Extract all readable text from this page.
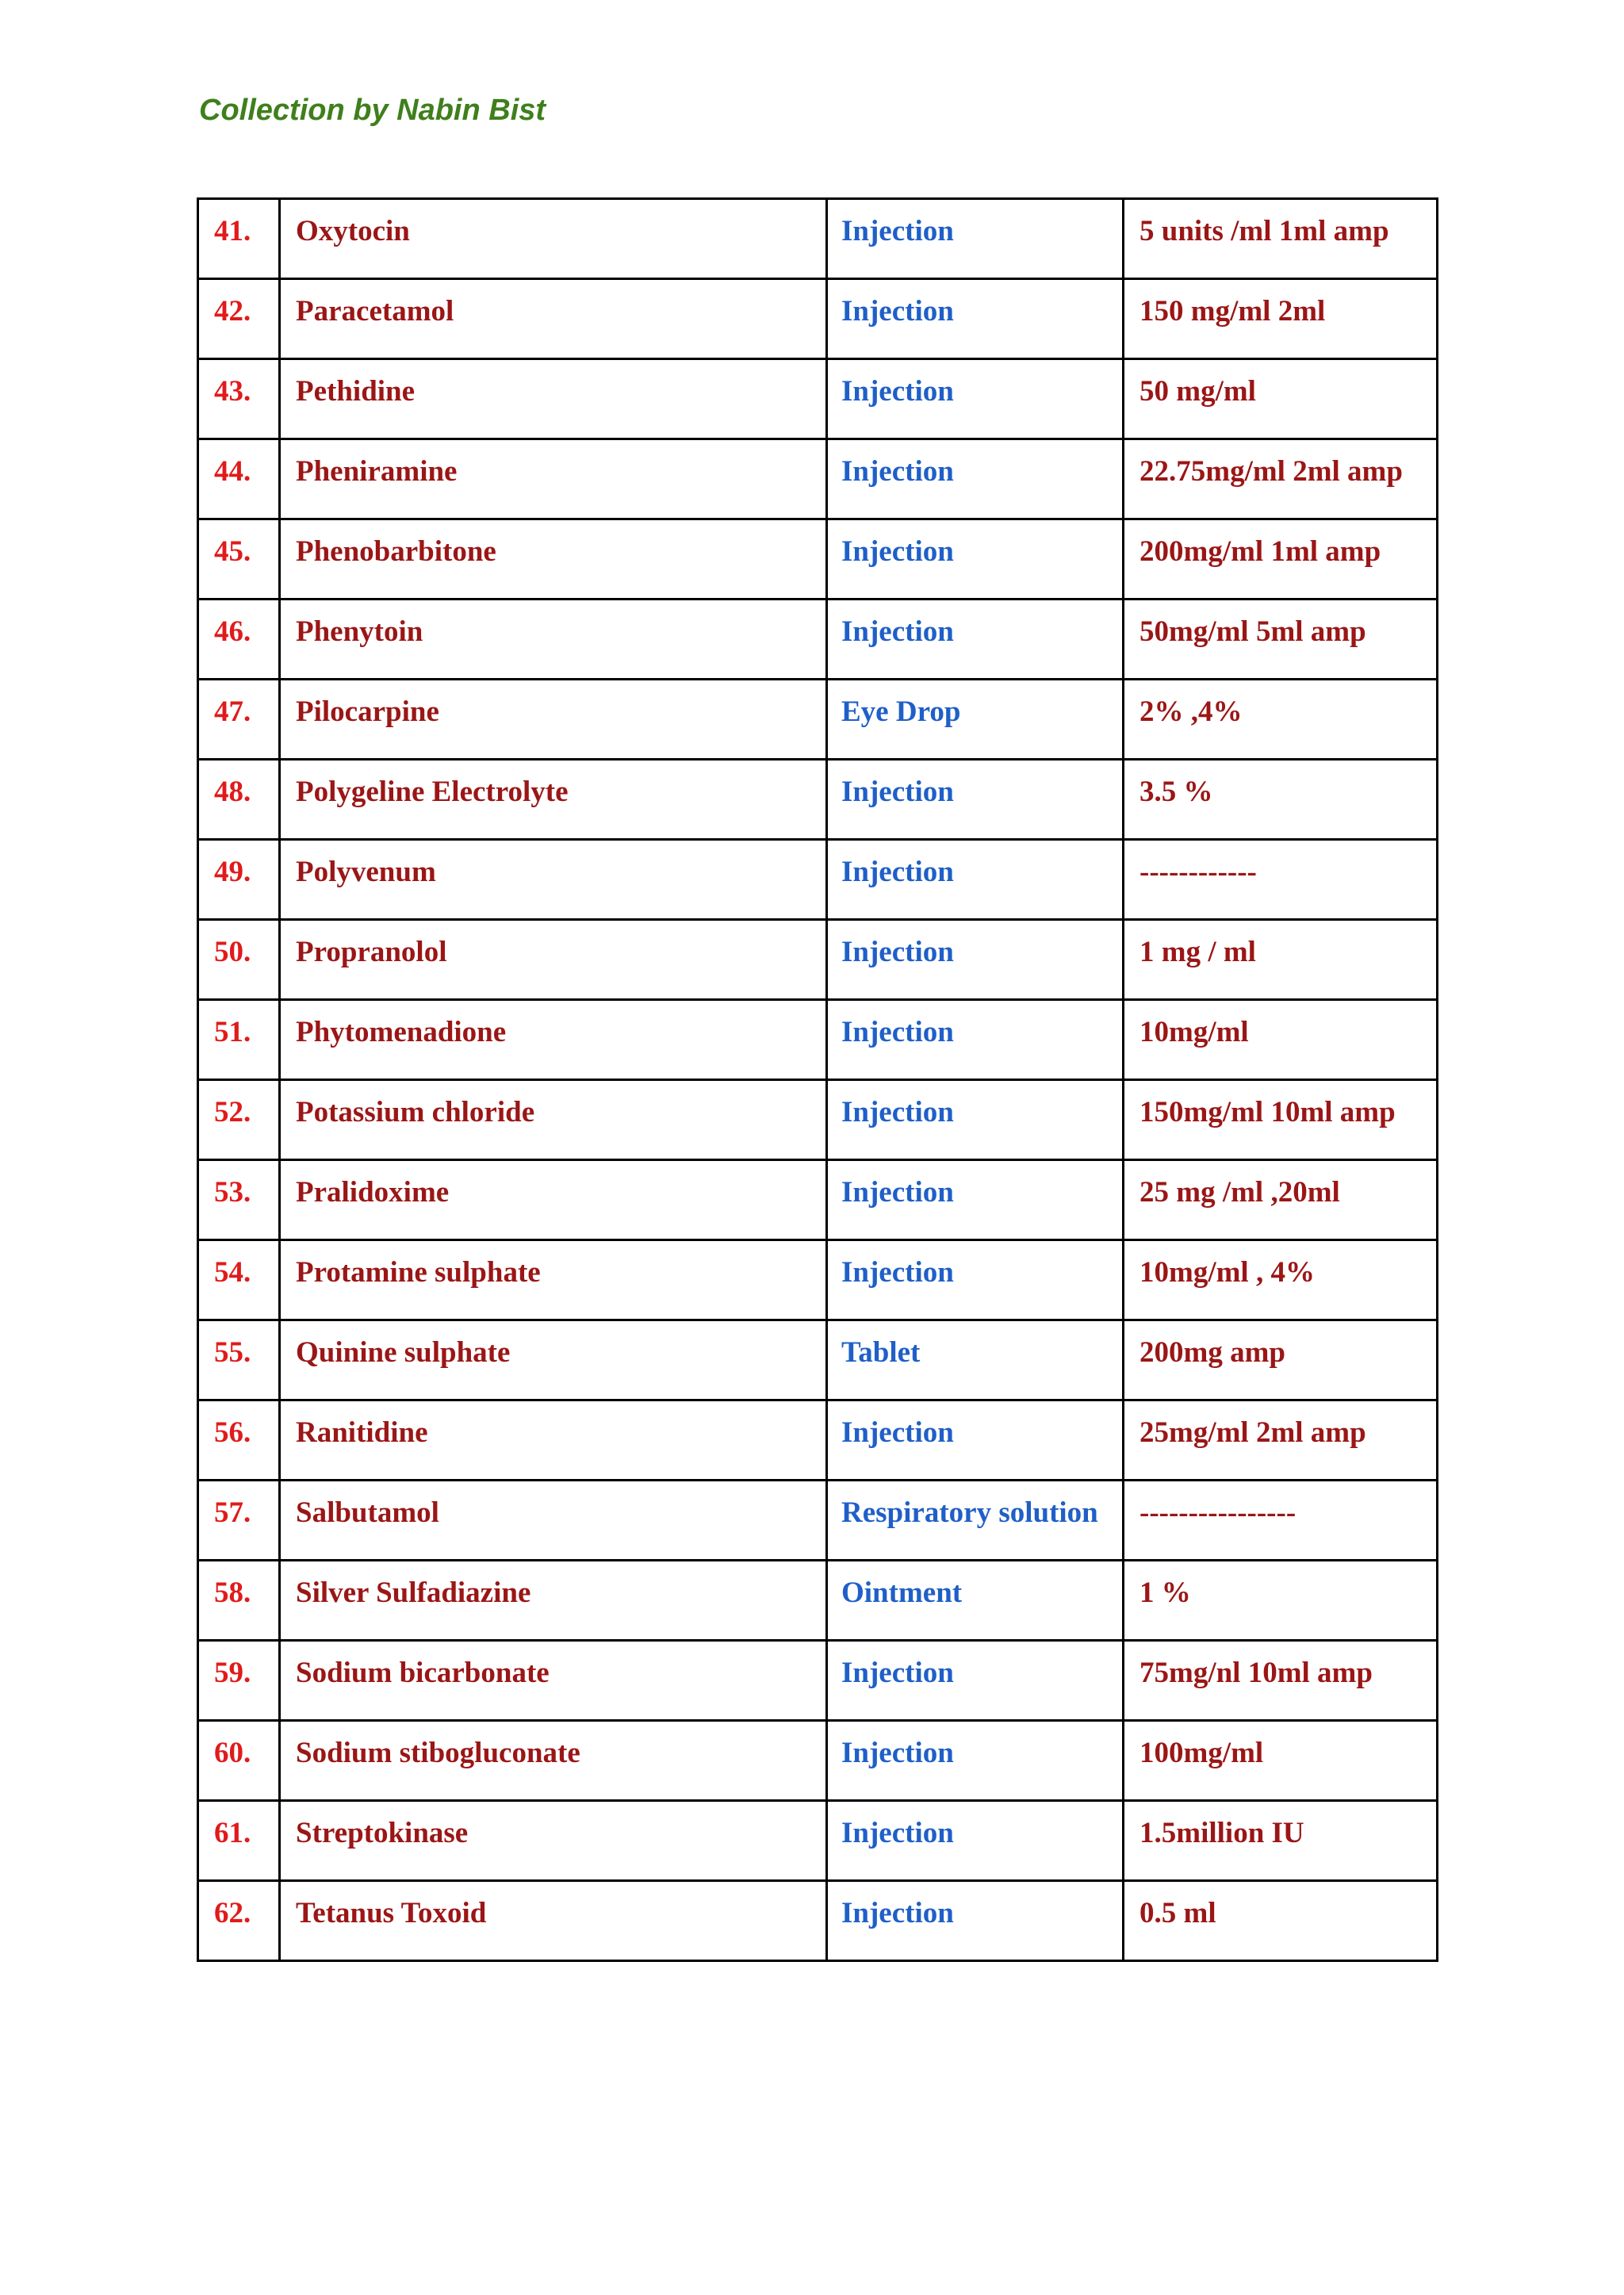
Collection by Nabin Bist
41.	Oxytocin	Injection	5 units /ml 1ml amp
42.	Paracetamol	Injection	150 mg/ml 2ml
43.	Pethidine	Injection	50 mg/ml
44.	Pheniramine	Injection	22.75mg/ml 2ml amp
45.	Phenobarbitone	Injection	200mg/ml 1ml amp
46.	Phenytoin	Injection	50mg/ml 5ml amp
47.	Pilocarpine	Eye Drop	2% ,4%
48.	Polygeline Electrolyte	Injection	3.5 %
49.	Polyvenum	Injection	------------
50.	Propranolol	Injection	1 mg / ml
51.	Phytomenadione	Injection	10mg/ml
52.	Potassium chloride	Injection	150mg/ml 10ml amp
53.	Pralidoxime	Injection	25 mg /ml ,20ml
54.	Protamine sulphate	Injection	10mg/ml , 4%
55.	Quinine sulphate	Tablet	200mg amp
56.	Ranitidine	Injection	25mg/ml 2ml amp
57.	Salbutamol	Respiratory solution	----------------
58.	Silver Sulfadiazine	Ointment	1 %
59.	Sodium bicarbonate	Injection	75mg/nl 10ml amp
60.	Sodium stibogluconate	Injection	100mg/ml
61.	Streptokinase	Injection	1.5million IU
62.	Tetanus Toxoid	Injection	0.5 ml
